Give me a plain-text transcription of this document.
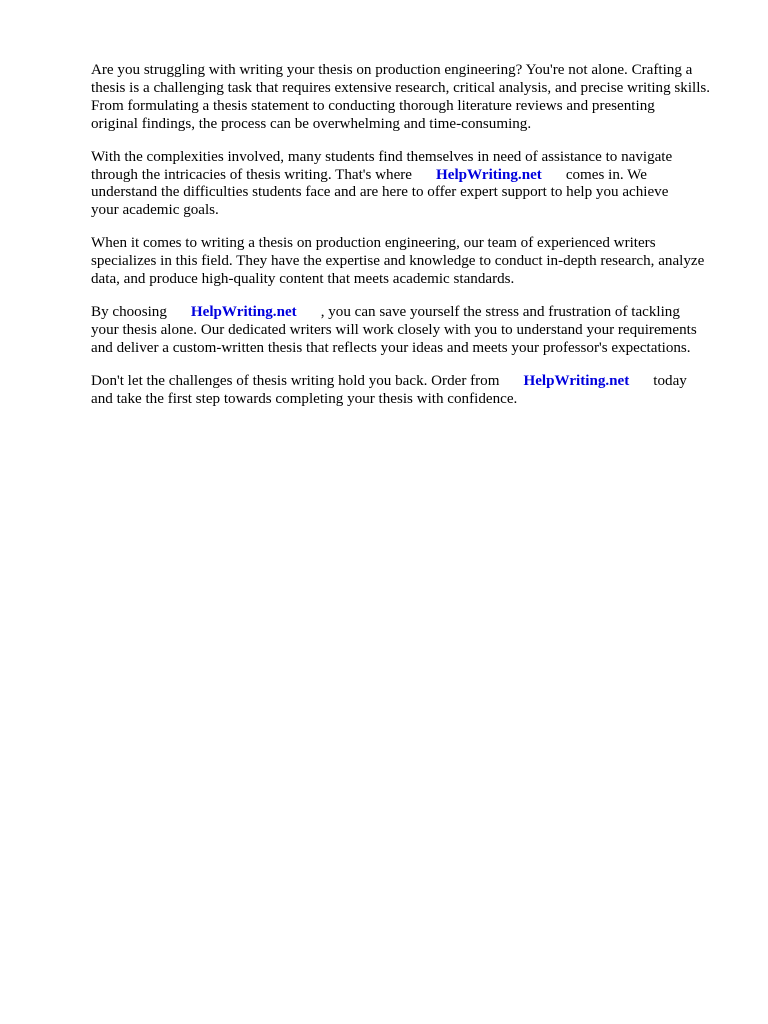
Are you struggling with writing your thesis on production engineering? You're not alone. Crafting a
thesis is a challenging task that requires extensive research, critical analysis, and precise writing skills.
From formulating a thesis statement to conducting thorough literature reviews and presenting
original findings, the process can be overwhelming and time-consuming.

With the complexities involved, many students find themselves in need of assistance to navigate
through the intricacies of thesis writing. That's where HelpWriting.net comes in. We
understand the difficulties students face and are here to offer expert support to help you achieve
your academic goals.

When it comes to writing a thesis on production engineering, our team of experienced writers
specializes in this field. They have the expertise and knowledge to conduct in-depth research, analyze
data, and produce high-quality content that meets academic standards.

By choosing HelpWriting.net , you can save yourself the stress and frustration of tackling
your thesis alone. Our dedicated writers will work closely with you to understand your requirements
and deliver a custom-written thesis that reflects your ideas and meets your professor's expectations.

Don't let the challenges of thesis writing hold you back. Order from HelpWriting.net today
and take the first step towards completing your thesis with confidence.
